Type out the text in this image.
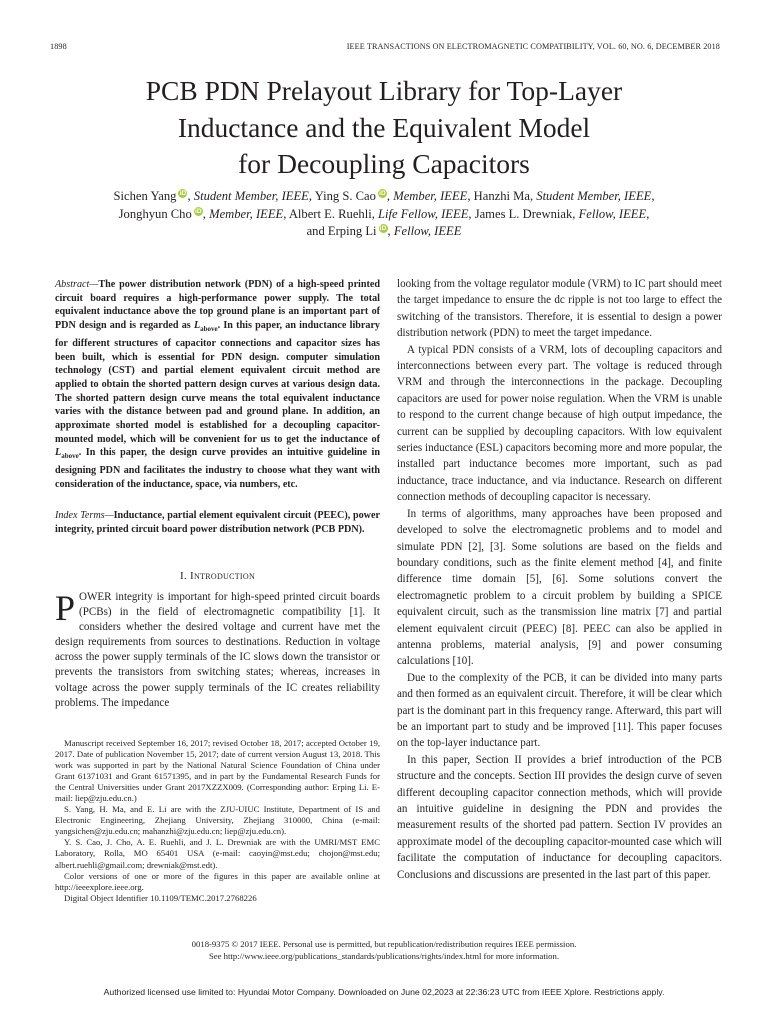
1898	IEEE TRANSACTIONS ON ELECTROMAGNETIC COMPATIBILITY, VOL. 60, NO. 6, DECEMBER 2018
PCB PDN Prelayout Library for Top-Layer
Inductance and the Equivalent Model
for Decoupling Capacitors
Sichen Yang iD, Student Member, IEEE, Ying S. Cao iD, Member, IEEE, Hanzhi Ma, Student Member, IEEE,
Jonghyun Cho iD, Member, IEEE, Albert E. Ruehli, Life Fellow, IEEE, James L. Drewniak, Fellow, IEEE,
and Erping Li iD, Fellow, IEEE
Abstract—The power distribution network (PDN) of a high-speed printed circuit board requires a high-performance power supply. The total equivalent inductance above the top ground plane is an important part of PDN design and is regarded as $L_{above}$. In this paper, an inductance library for different structures of capacitor connections and capacitor sizes has been built, which is essential for PDN design. computer simulation technology (CST) and partial element equivalent circuit method are applied to obtain the shorted pattern design curves at various design data. The shorted pattern design curve means the total equivalent inductance varies with the distance between pad and ground plane. In addition, an approximate shorted model is established for a decoupling capacitor-mounted model, which will be convenient for us to get the inductance of $L_{above}$. In this paper, the design curve provides an intuitive guideline in designing PDN and facilitates the industry to choose what they want with consideration of the inductance, space, via numbers, etc.
Index Terms—Inductance, partial element equivalent circuit (PEEC), power integrity, printed circuit board power distribution network (PCB PDN).
I. Introduction
POWER integrity is important for high-speed printed circuit boards (PCBs) in the field of electromagnetic compatibility [1]. It considers whether the desired voltage and current have met the design requirements from sources to destinations. Reduction in voltage across the power supply terminals of the IC slows down the transistor or prevents the transistors from switching states; whereas, increases in voltage across the power supply terminals of the IC creates reliability problems. The impedance

Manuscript received September 16, 2017; revised October 18, 2017; accepted October 19, 2017. Date of publication November 15, 2017; date of current version August 13, 2018. This work was supported in part by the National Natural Science Foundation of China under Grant 61371031 and Grant 61571395, and in part by the Fundamental Research Funds for the Central Universities under Grant 2017XZZX009. (Corresponding author: Erping Li. E-mail: liep@zju.edu.cn.)

S. Yang, H. Ma, and E. Li are with the ZJU-UIUC Institute, Department of IS and Electronic Engineering, Zhejiang University, Zhejiang 310000, China (e-mail: yangsichen@zju.edu.cn; mahanzhi@zju.edu.cn; liep@zju.edu.cn).

Y. S. Cao, J. Cho, A. E. Ruehli, and J. L. Drewniak are with the UMRI/MST EMC Laboratory, Rolla, MO 65401 USA (e-mail: caoyin@mst.edu; chojon@mst.edu; albert.ruehli@gmail.com; drewniak@mst.edt).

Color versions of one or more of the figures in this paper are available online at http://ieeexplore.ieee.org.

Digital Object Identifier 10.1109/TEMC.2017.2768226

looking from the voltage regulator module (VRM) to IC part should meet the target impedance to ensure the dc ripple is not too large to effect the switching of the transistors. Therefore, it is essential to design a power distribution network (PDN) to meet the target impedance.

A typical PDN consists of a VRM, lots of decoupling capacitors and interconnections between every part. The voltage is reduced through VRM and through the interconnections in the package. Decoupling capacitors are used for power noise regulation. When the VRM is unable to respond to the current change because of high output impedance, the current can be supplied by decoupling capacitors. With low equivalent series inductance (ESL) capacitors becoming more and more popular, the installed part inductance becomes more important, such as pad inductance, trace inductance, and via inductance. Research on different connection methods of decoupling capacitor is necessary.

In terms of algorithms, many approaches have been proposed and developed to solve the electromagnetic problems and to model and simulate PDN [2], [3]. Some solutions are based on the fields and boundary conditions, such as the finite element method [4], and finite difference time domain [5], [6]. Some solutions convert the electromagnetic problem to a circuit problem by building a SPICE equivalent circuit, such as the transmission line matrix [7] and partial element equivalent circuit (PEEC) [8]. PEEC can also be applied in antenna problems, material analysis, [9] and power consuming calculations [10].

Due to the complexity of the PCB, it can be divided into many parts and then formed as an equivalent circuit. Therefore, it will be clear which part is the dominant part in this frequency range. Afterward, this part will be an important part to study and be improved [11]. This paper focuses on the top-layer inductance part.

In this paper, Section II provides a brief introduction of the PCB structure and the concepts. Section III provides the design curve of seven different decoupling capacitor connection methods, which will provide an intuitive guideline in designing the PDN and provides the measurement results of the shorted pad pattern. Section IV provides an approximate model of the decoupling capacitor-mounted case which will facilitate the computation of inductance for decoupling capacitors. Conclusions and discussions are presented in the last part of this paper.

0018-9375 © 2017 IEEE. Personal use is permitted, but republication/redistribution requires IEEE permission.
See http://www.ieee.org/publications_standards/publications/rights/index.html for more information.
Authorized licensed use limited to: Hyundai Motor Company. Downloaded on June 02,2023 at 22:36:23 UTC from IEEE Xplore. Restrictions apply.
